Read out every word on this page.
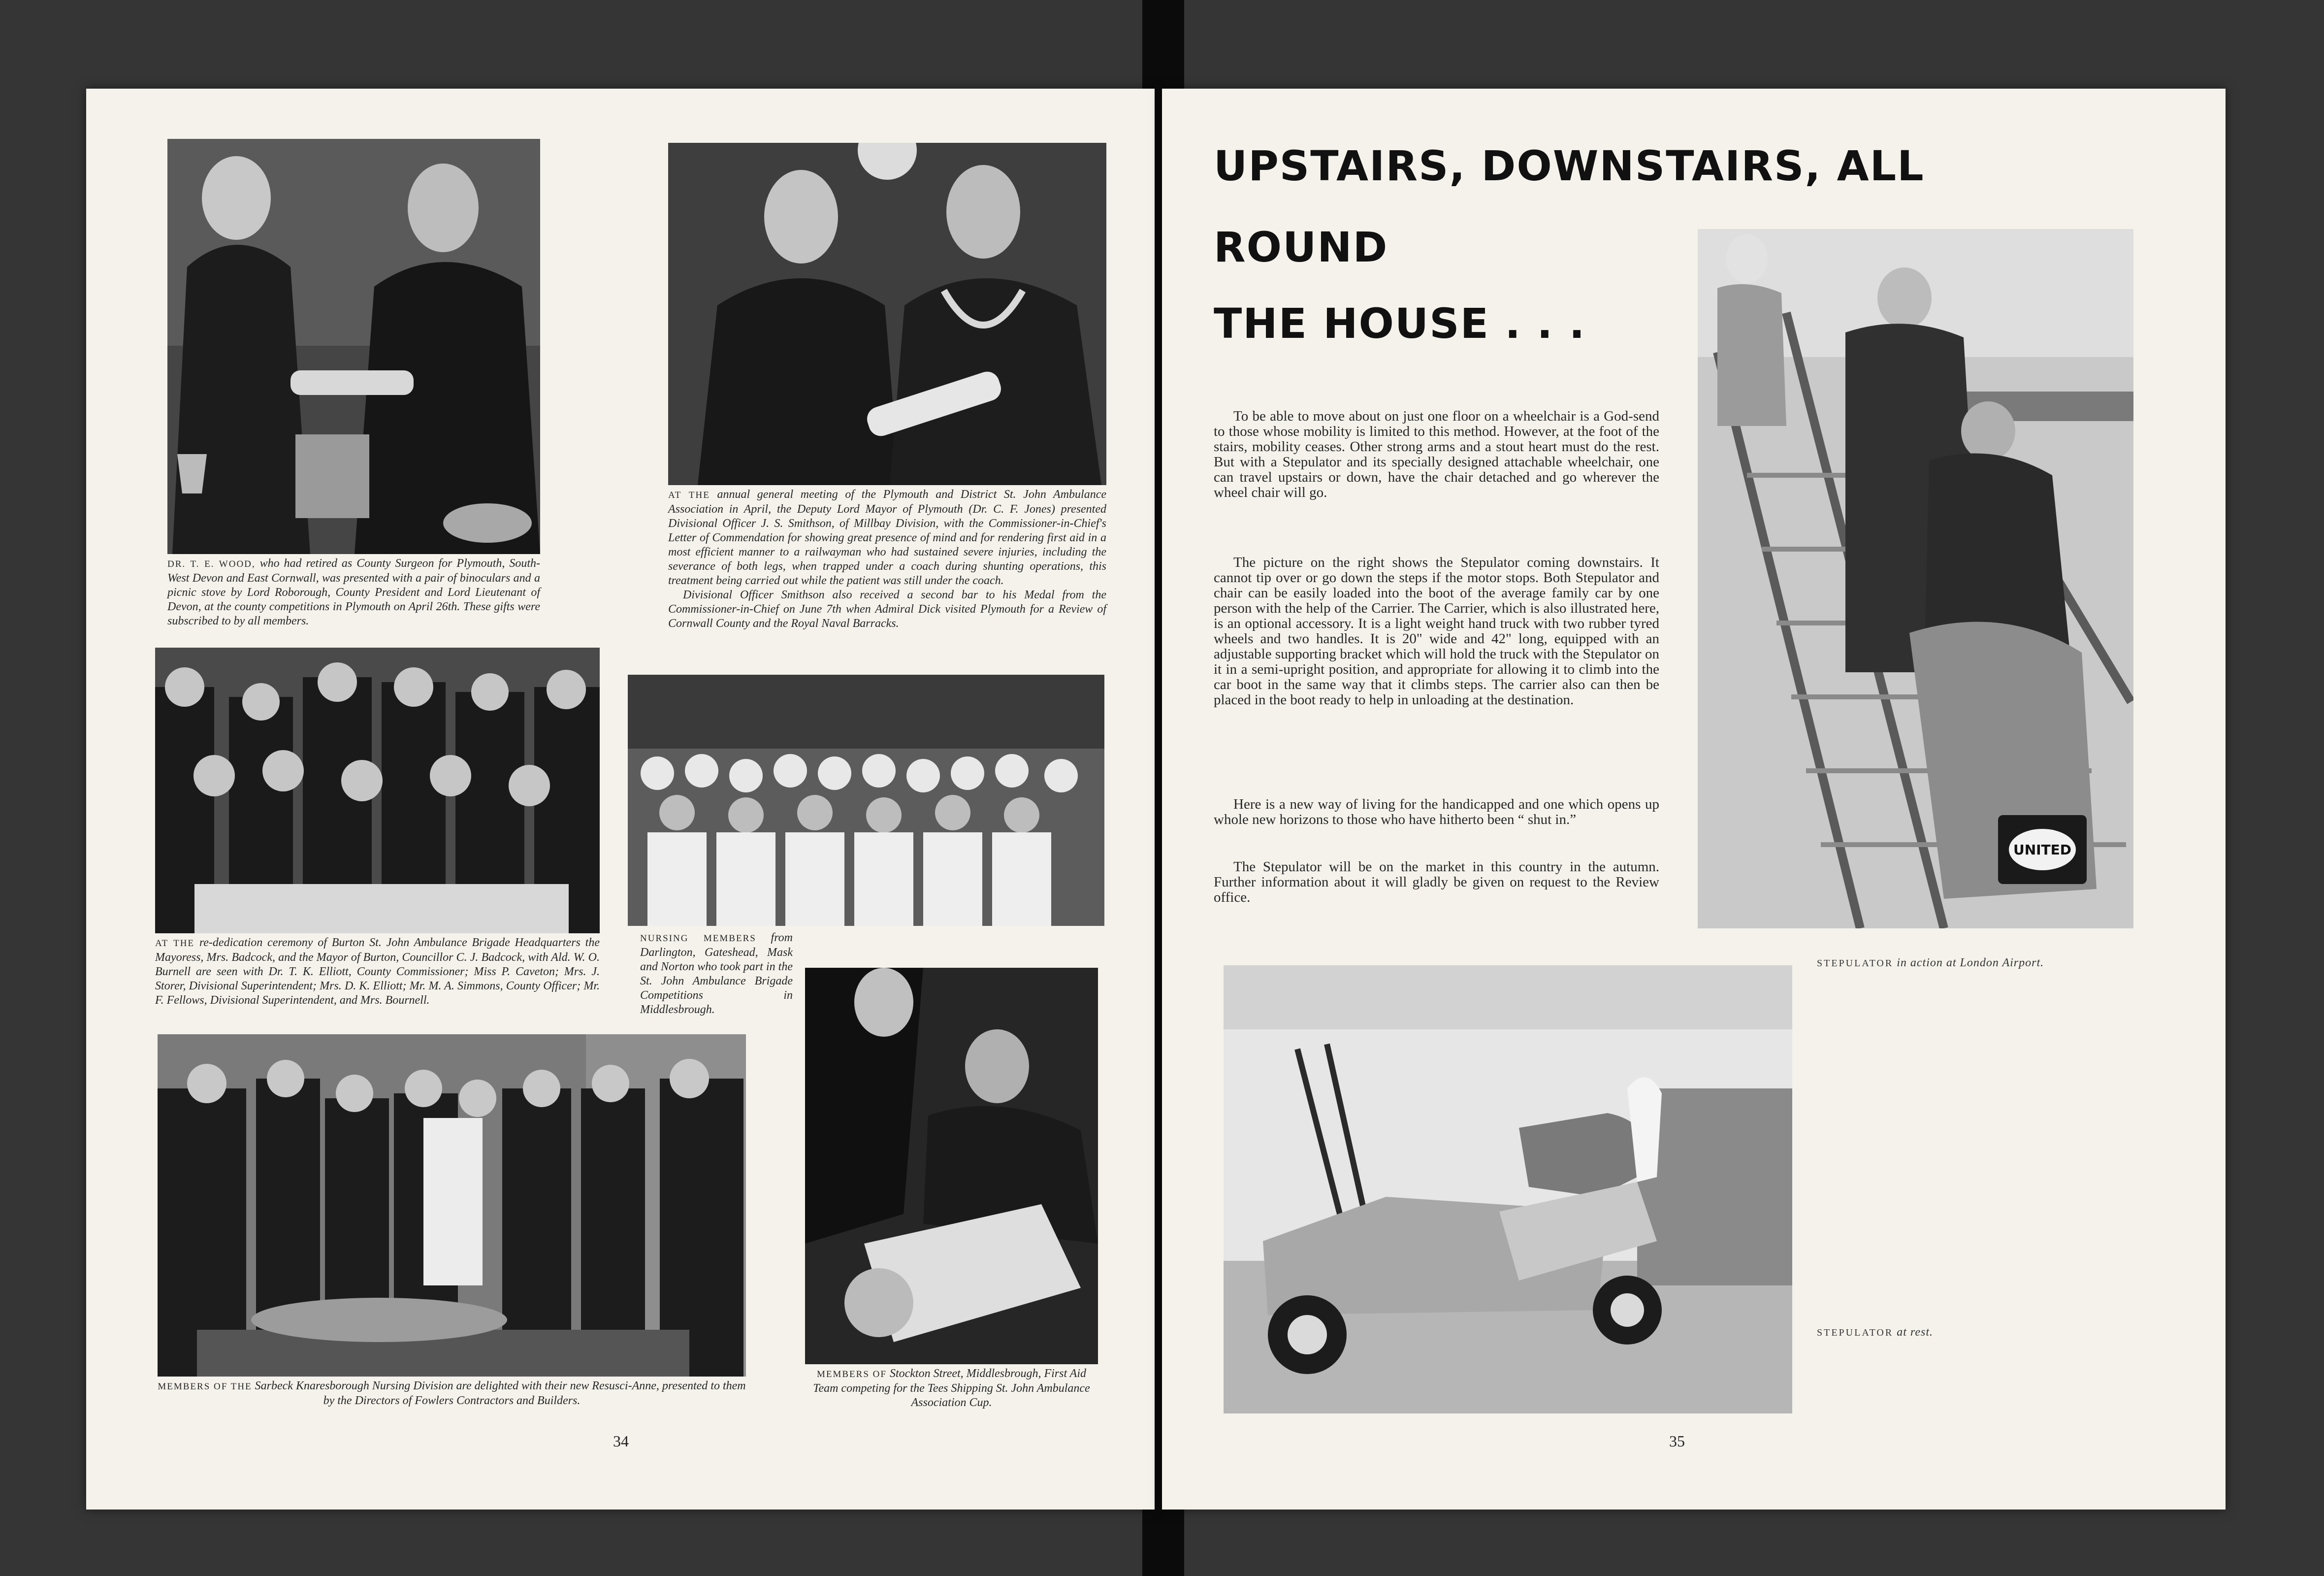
DR. T. E. WOOD, who had retired as County Surgeon for Plymouth, South-West Devon and East Cornwall, was presented with a pair of binoculars and a picnic stove by Lord Roborough, County President and Lord Lieutenant of Devon, at the county competitions in Plymouth on April 26th. These gifts were subscribed to by all members.

AT THE annual general meeting of the Plymouth and District St. John Ambulance Association in April, the Deputy Lord Mayor of Plymouth (Dr. C. F. Jones) presented Divisional Officer J. S. Smithson, of Millbay Division, with the Commissioner-in-Chief's Letter of Commendation for showing great presence of mind and for rendering first aid in a most efficient manner to a railwayman who had sustained severe injuries, including the severance of both legs, when trapped under a coach during shunting operations, this treatment being carried out while the patient was still under the coach.

Divisional Officer Smithson also received a second bar to his Medal from the Commissioner-in-Chief on June 7th when Admiral Dick visited Plymouth for a Review of Cornwall County and the Royal Naval Barracks.

AT THE re-dedication ceremony of Burton St. John Ambulance Brigade Headquarters the Mayoress, Mrs. Badcock, and the Mayor of Burton, Councillor C. J. Badcock, with Ald. W. O. Burnell are seen with Dr. T. K. Elliott, County Commissioner; Miss P. Caveton; Mrs. J. Storer, Divisional Superintendent; Mrs. D. K. Elliott; Mr. M. A. Simmons, County Officer; Mr. F. Fellows, Divisional Superintendent, and Mrs. Bournell.

NURSING MEMBERS from Darlington, Gateshead, Mask and Norton who took part in the St. John Ambulance Brigade Competitions in Middlesbrough.

MEMBERS OF THE Sarbeck Knaresborough Nursing Division are delighted with their new Resusci-Anne, presented to them by the Directors of Fowlers Contractors and Builders.

MEMBERS OF Stockton Street, Middlesbrough, First Aid Team competing for the Tees Shipping St. John Ambulance Association Cup.

34
UPSTAIRS, DOWNSTAIRS, ALL
ROUND
THE HOUSE . . .

To be able to move about on just one floor on a wheelchair is a God-send to those whose mobility is limited to this method. However, at the foot of the stairs, mobility ceases. Other strong arms and a stout heart must do the rest. But with a Stepulator and its specially designed attachable wheelchair, one can travel upstairs or down, have the chair detached and go wherever the wheel chair will go.

The picture on the right shows the Stepulator coming downstairs. It cannot tip over or go down the steps if the motor stops. Both Stepulator and chair can be easily loaded into the boot of the average family car by one person with the help of the Carrier. The Carrier, which is also illustrated here, is an optional accessory. It is a light weight hand truck with two rubber tyred wheels and two handles. It is 20" wide and 42" long, equipped with an adjustable supporting bracket which will hold the truck with the Stepulator on it in a semi-upright position, and appropriate for allowing it to climb into the car boot in the same way that it climbs steps. The carrier also can then be placed in the boot ready to help in unloading at the destination.

Here is a new way of living for the handicapped and one which opens up whole new horizons to those who have hitherto been “ shut in.”

The Stepulator will be on the market in this country in the autumn. Further information about it will gladly be given on request to the Review office.

UNITED

STEPULATOR in action at London Airport.

STEPULATOR at rest.

35
